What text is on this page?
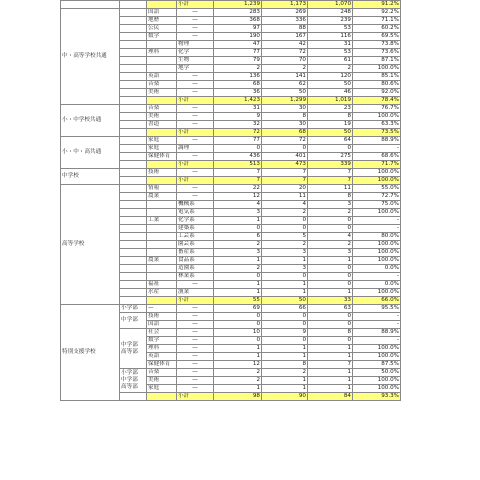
			小計	1,239	1,173	1,070	91.2%
中・高等学校共通		国語	—	283	269	248	92.2%
		地歴	—	368	336	239	71.1%
		公民	—	97	88	53	60.2%
		数学	—	190	167	116	69.5%
			物理	47	42	31	73.8%
		理科	化学	77	72	53	73.6%
			生物	79	70	61	87.1%
			地学	2	2	2	100.0%
		英語	—	136	141	120	85.1%
		音楽	—	68	62	50	80.6%
		美術	—	36	50	46	92.0%
			小計	1,423	1,299	1,019	78.4%
小・中学校共通		音楽	—	31	30	23	76.7%
		美術	—	9	8	8	100.0%
		書道	—	32	30	19	63.3%
			小計	72	68	50	73.5%
小・中・高共通		家庭	—	77	72	64	88.9%
		家庭	調理	0	0	0	-
		保健体育	—	436	401	275	68.6%
			小計	513	473	339	71.7%
中学校		技術	—	7	7	7	100.0%
			小計	7	7	7	100.0%
高等学校		情報	—	22	20	11	55.0%
		農業	—	12	11	8	72.7%
			機械系	4	4	3	75.0%
			電気系	3	2	2	100.0%
		工業	化学系	1	0	0	-
			建築系	0	0	0	-
			工芸系	6	5	4	80.0%
			園芸系	2	2	2	100.0%
			畜産系	3	3	3	100.0%
		農業	食品系	1	1	1	100.0%
			造園系	2	3	0	0.0%
			林業系	0	0	0	-
		福祉	—	1	1	0	0.0%
		水産	漁業	1	1	1	100.0%
			小計	55	50	33	66.0%
特別支援学校	小学部	—	—	69	66	63	95.5%
	中学部	技術	—	0	0	0	-
		国語	—	0	0	0	-
	中学部 高等部	社会	—	10	9	8	88.9%
		数学	—	0	0	0	-
		理科	—	1	1	1	100.0%
		英語	—	1	1	1	100.0%
		保健体育	—	12	8	7	87.5%
	小学部 中学部 高等部	音楽	—	2	2	1	50.0%
		美術	—	2	1	1	100.0%
		家庭	—	1	1	1	100.0%
			小計	98	90	84	93.3%
